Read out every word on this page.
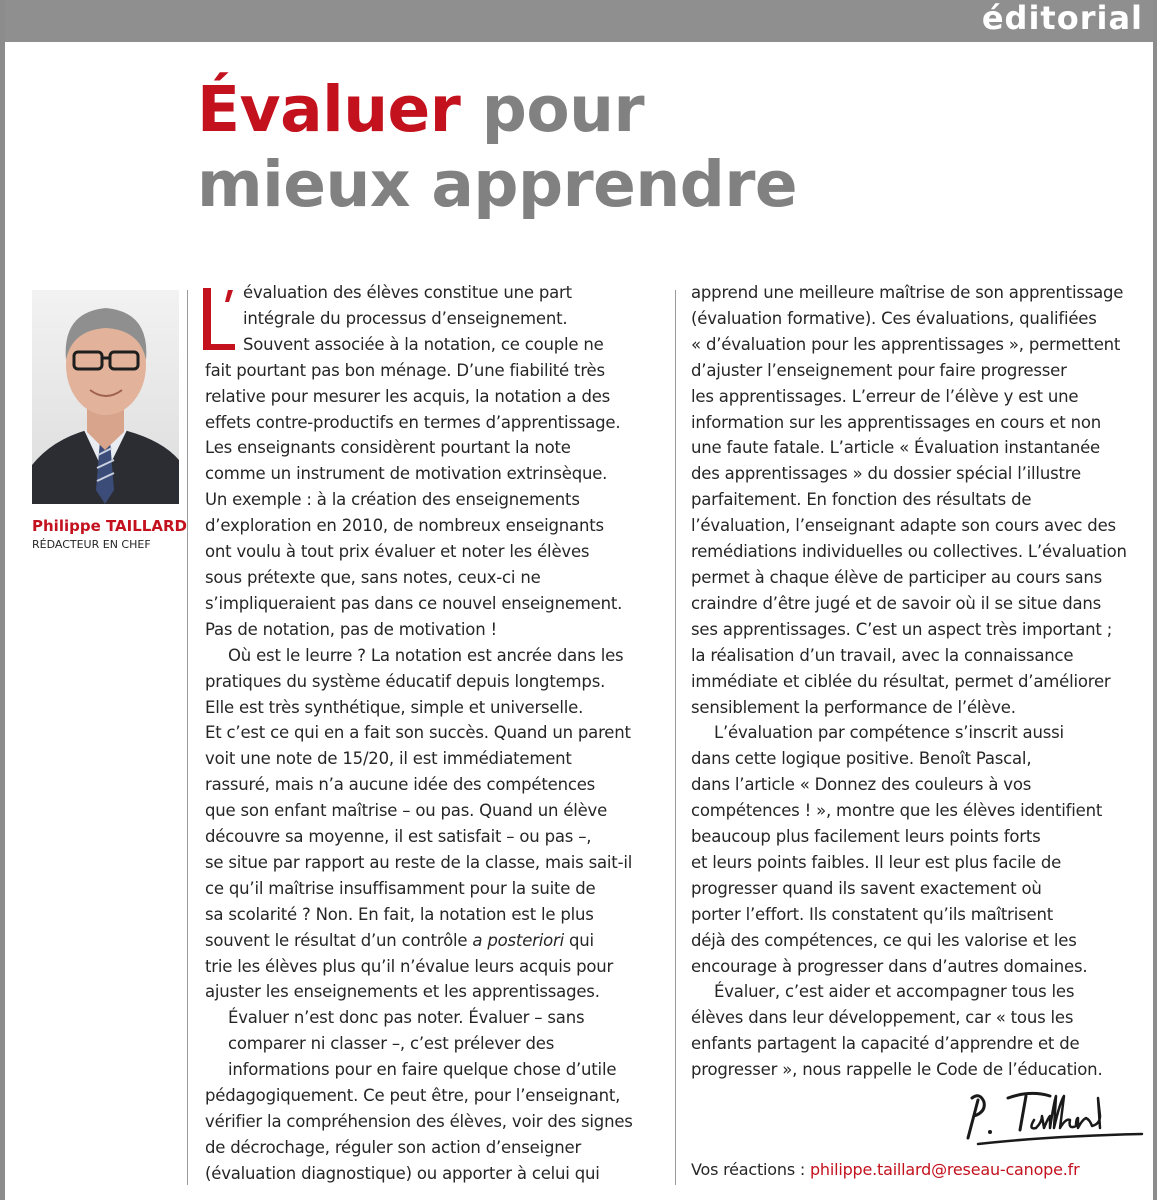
éditorial
Évaluer pour
mieux apprendre
Philippe TAILLARD
RÉDACTEUR EN CHEF

évaluation des élèves constitue une part

intégrale du processus d’enseignement.

Souvent associée à la notation, ce couple ne

fait pourtant pas bon ménage. D’une fiabilité très

relative pour mesurer les acquis, la notation a des

effets contre-productifs en termes d’apprentissage.

Les enseignants considèrent pourtant la note

comme un instrument de motivation extrinsèque.

Un exemple : à la création des enseignements

d’exploration en 2010, de nombreux enseignants

ont voulu à tout prix évaluer et noter les élèves

sous prétexte que, sans notes, ceux-ci ne

s’impliqueraient pas dans ce nouvel enseignement.

Pas de notation, pas de motivation !

Où est le leurre ? La notation est ancrée dans les

pratiques du système éducatif depuis longtemps.

Elle est très synthétique, simple et universelle.

Et c’est ce qui en a fait son succès. Quand un parent

voit une note de 15/20, il est immédiatement

rassuré, mais n’a aucune idée des compétences

que son enfant maîtrise – ou pas. Quand un élève

découvre sa moyenne, il est satisfait – ou pas –,

se situe par rapport au reste de la classe, mais sait-il

ce qu’il maîtrise insuffisamment pour la suite de

sa scolarité ? Non. En fait, la notation est le plus

souvent le résultat d’un contrôle a posteriori qui

trie les élèves plus qu’il n’évalue leurs acquis pour

ajuster les enseignements et les apprentissages.

Évaluer n’est donc pas noter. Évaluer – sans

comparer ni classer –, c’est prélever des

informations pour en faire quelque chose d’utile

pédagogiquement. Ce peut être, pour l’enseignant,

vérifier la compréhension des élèves, voir des signes

de décrochage, réguler son action d’enseigner

(évaluation diagnostique) ou apporter à celui qui

apprend une meilleure maîtrise de son apprentissage

(évaluation formative). Ces évaluations, qualifiées

« d’évaluation pour les apprentissages », permettent

d’ajuster l’enseignement pour faire progresser

les apprentissages. L’erreur de l’élève y est une

information sur les apprentissages en cours et non

une faute fatale. L’article « Évaluation instantanée

des apprentissages » du dossier spécial l’illustre

parfaitement. En fonction des résultats de

l’évaluation, l’enseignant adapte son cours avec des

remédiations individuelles ou collectives. L’évaluation

permet à chaque élève de participer au cours sans

craindre d’être jugé et de savoir où il se situe dans

ses apprentissages. C’est un aspect très important ;

la réalisation d’un travail, avec la connaissance

immédiate et ciblée du résultat, permet d’améliorer

sensiblement la performance de l’élève.

L’évaluation par compétence s’inscrit aussi

dans cette logique positive. Benoît Pascal,

dans l’article « Donnez des couleurs à vos

compétences ! », montre que les élèves identifient

beaucoup plus facilement leurs points forts

et leurs points faibles. Il leur est plus facile de

progresser quand ils savent exactement où

porter l’effort. Ils constatent qu’ils maîtrisent

déjà des compétences, ce qui les valorise et les

encourage à progresser dans d’autres domaines.

Évaluer, c’est aider et accompagner tous les

élèves dans leur développement, car « tous les

enfants partagent la capacité d’apprendre et de

progresser », nous rappelle le Code de l’éducation.

Vos réactions : philippe.taillard@reseau-canope.fr
